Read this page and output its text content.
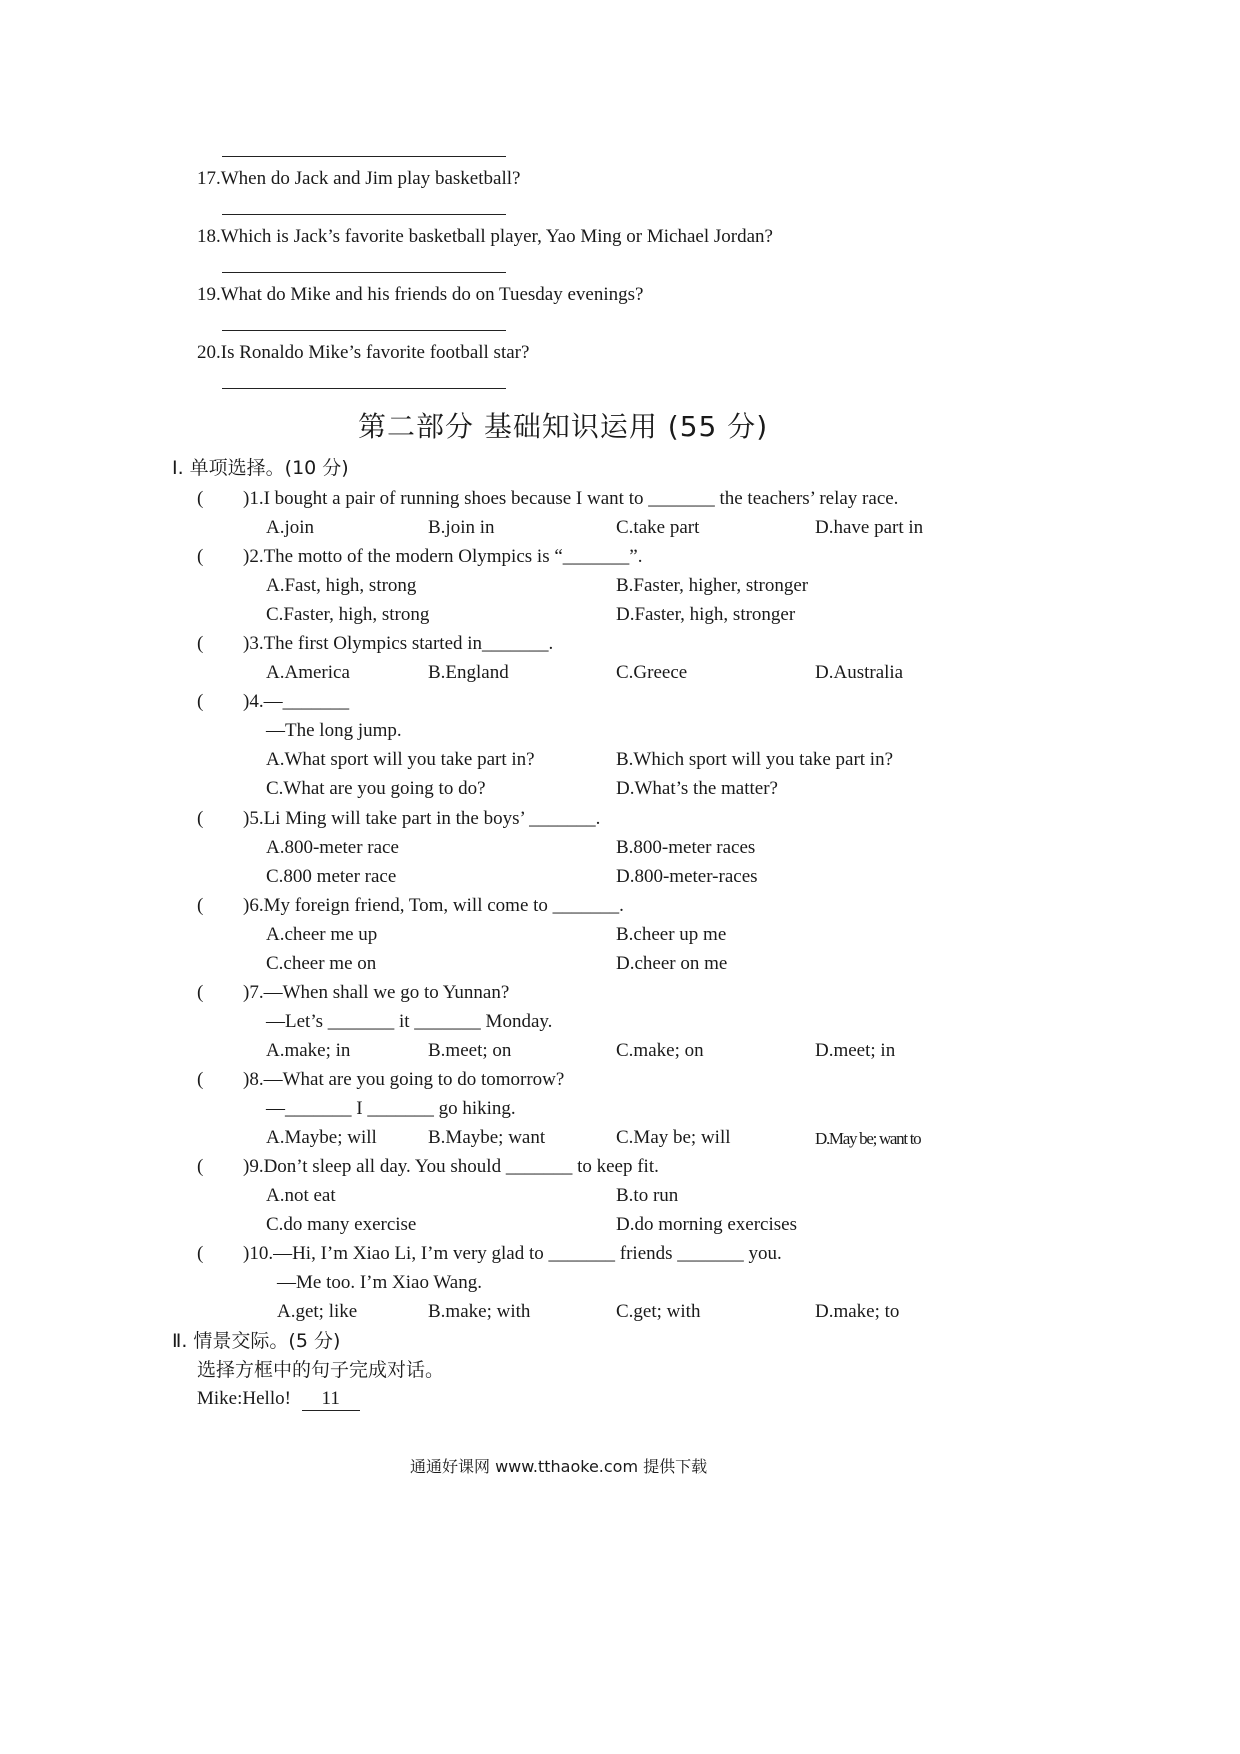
17.When do Jack and Jim play basketball?
18.Which is Jack’s favorite basketball player, Yao Ming or Michael Jordan?
19.What do Mike and his friends do on Tuesday evenings?
20.Is Ronaldo Mike’s favorite football star?
第二部分 基础知识运用 (55 分)
Ⅰ. 单项选择。(10 分)
( )1.I bought a pair of running shoes because I want to _______ the teachers’ relay race.
A.join	B.join in	C.take part	D.have part in
( )2.The motto of the modern Olympics is “_______”.
A.Fast, high, strong	B.Faster, higher, stronger
C.Faster, high, strong	D.Faster, high, stronger
( )3.The first Olympics started in_______.
A.America	B.England	C.Greece	D.Australia
( )4.—_______
—The long jump.
A.What sport will you take part in?	B.Which sport will you take part in?
C.What are you going to do?	D.What’s the matter?
( )5.Li Ming will take part in the boys’ _______.
A.800-meter race	B.800-meter races
C.800 meter race	D.800-meter-races
( )6.My foreign friend, Tom, will come to _______.
A.cheer me up	B.cheer up me
C.cheer me on	D.cheer on me
( )7.—When shall we go to Yunnan?
—Let’s _______ it _______ Monday.
A.make; in	B.meet; on	C.make; on	D.meet; in
( )8.—What are you going to do tomorrow?
—_______ I _______ go hiking.
A.Maybe; will	B.Maybe; want	C.May be; will	D.May be; want to
( )9.Don’t sleep all day. You should _______ to keep fit.
A.not eat	B.to run
C.do many exercise	D.do morning exercises
( )10.—Hi, I’m Xiao Li, I’m very glad to _______ friends _______ you.
—Me too. I’m Xiao Wang.
A.get; like	B.make; with	C.get; with	D.make; to
Ⅱ. 情景交际。(5 分)
选择方框中的句子完成对话。
Mike:Hello! 11
通通好课网 www.tthaoke.com 提供下载
